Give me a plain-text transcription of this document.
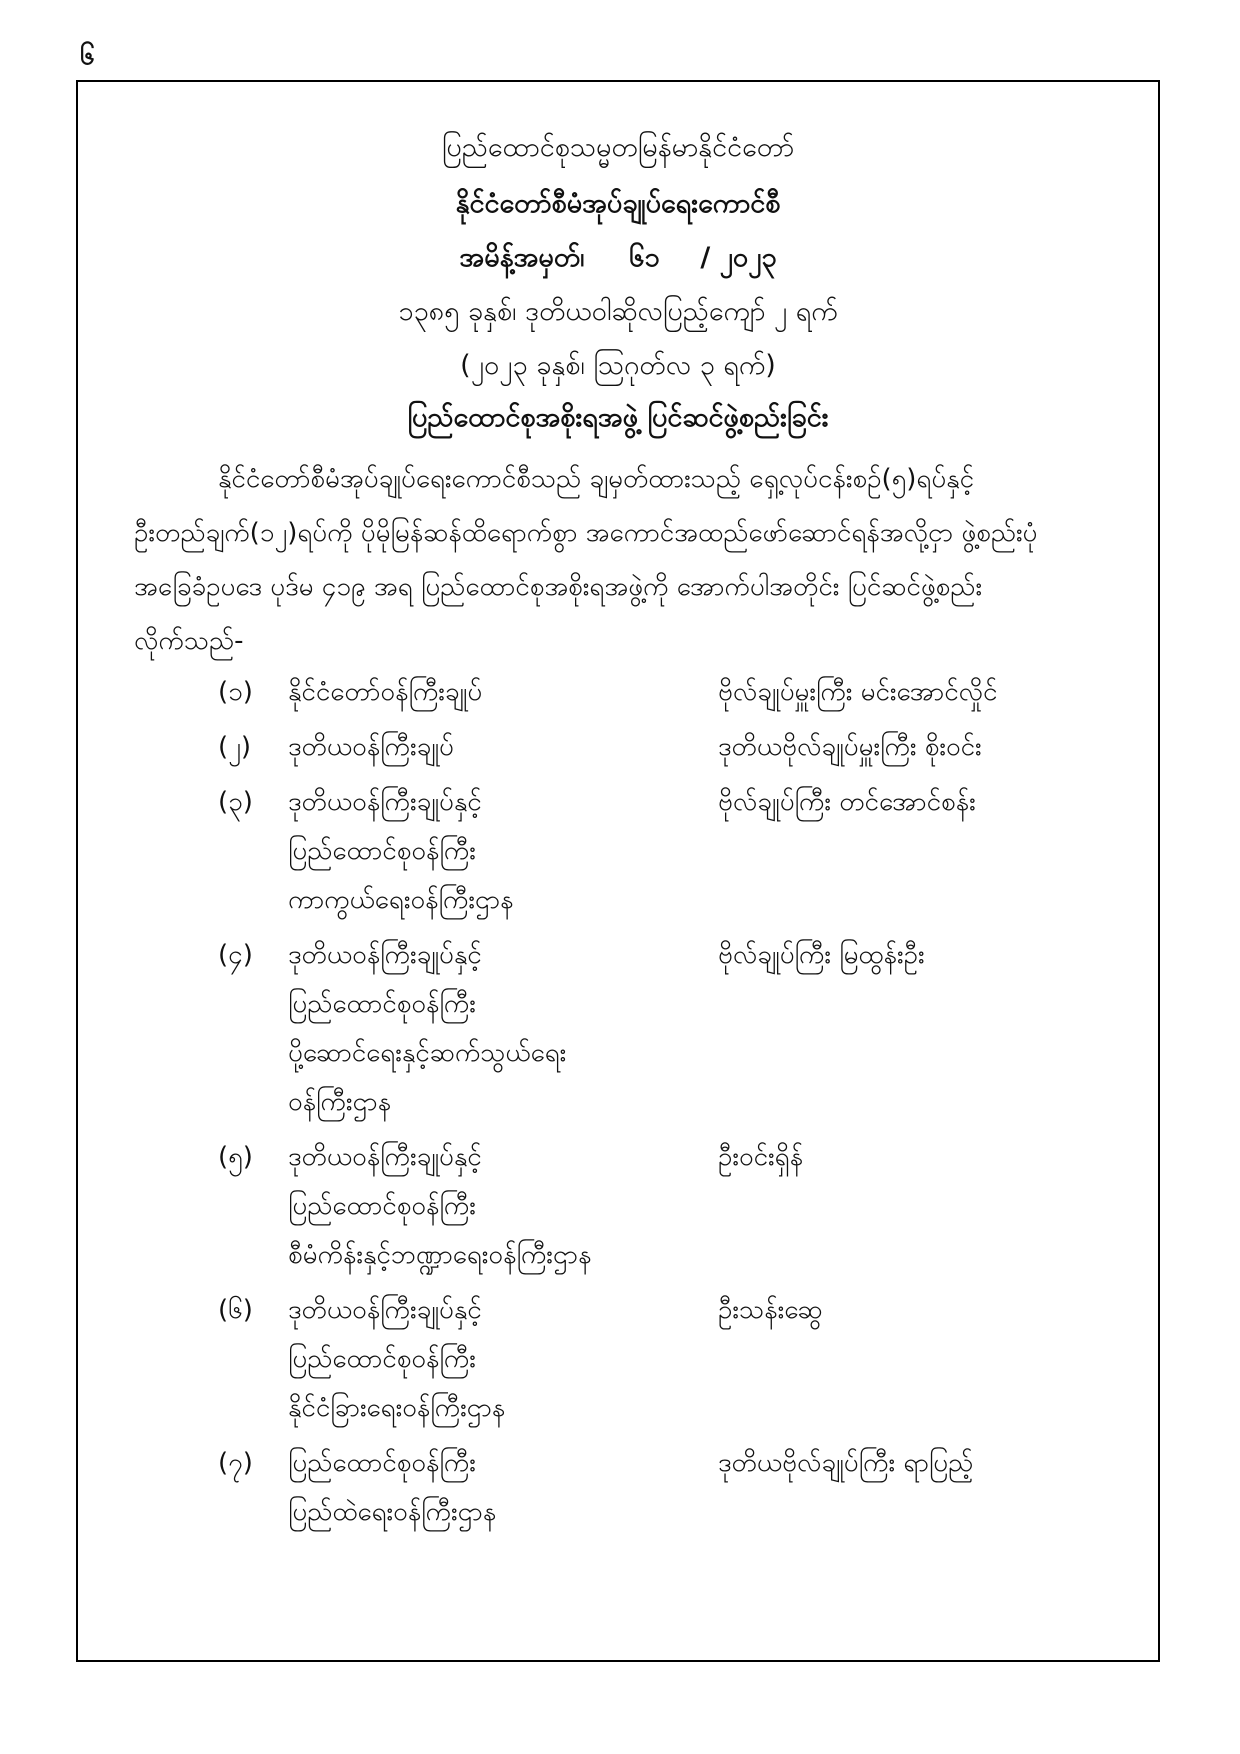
၆
ပြည်ထောင်စုသမ္မတမြန်မာနိုင်ငံတော်
နိုင်ငံတော်စီမံအုပ်ချုပ်ရေးကောင်စီ
အမိန့်အမှတ်၊ ၆၁ / ၂၀၂၃
၁၃၈၅ ခုနှစ်၊ ဒုတိယဝါဆိုလပြည့်ကျော် ၂ ရက်
(၂၀၂၃ ခုနှစ်၊ ဩဂုတ်လ ၃ ရက်)
ပြည်ထောင်စုအစိုးရအဖွဲ့ ပြင်ဆင်ဖွဲ့စည်းခြင်း
နိုင်ငံတော်စီမံအုပ်ချုပ်ရေးကောင်စီသည် ချမှတ်ထားသည့် ရှေ့လုပ်ငန်းစဉ်(၅)ရပ်နှင့်
ဦးတည်ချက်(၁၂)ရပ်ကို ပိုမိုမြန်ဆန်ထိရောက်စွာ အကောင်အထည်ဖော်ဆောင်ရန်အလို့ငှာ ဖွဲ့စည်းပုံ
အခြေခံဥပဒေ ပုဒ်မ ၄၁၉ အရ ပြည်ထောင်စုအစိုးရအဖွဲ့ကို အောက်ပါအတိုင်း ပြင်ဆင်ဖွဲ့စည်း
လိုက်သည်-
(၁) နိုင်ငံတော်ဝန်ကြီးချုပ်	ဗိုလ်ချုပ်မှူးကြီး မင်းအောင်လှိုင်
(၂) ဒုတိယဝန်ကြီးချုပ်	ဒုတိယဗိုလ်ချုပ်မှူးကြီး စိုးဝင်း
(၃) ဒုတိယဝန်ကြီးချုပ်နှင့်
ပြည်ထောင်စုဝန်ကြီး
ကာကွယ်ရေးဝန်ကြီးဌာန
ဗိုလ်ချုပ်ကြီး တင်အောင်စန်း
(၄) ဒုတိယဝန်ကြီးချုပ်နှင့်
ပြည်ထောင်စုဝန်ကြီး
ပို့ဆောင်ရေးနှင့်ဆက်သွယ်ရေး
ဝန်ကြီးဌာန
ဗိုလ်ချုပ်ကြီး မြထွန်းဦး
(၅) ဒုတိယဝန်ကြီးချုပ်နှင့်
ပြည်ထောင်စုဝန်ကြီး
စီမံကိန်းနှင့်ဘဏ္ဍာရေးဝန်ကြီးဌာန
ဦးဝင်းရှိန်
(၆) ဒုတိယဝန်ကြီးချုပ်နှင့်
ပြည်ထောင်စုဝန်ကြီး
နိုင်ငံခြားရေးဝန်ကြီးဌာန
ဦးသန်းဆွေ
(၇) ပြည်ထောင်စုဝန်ကြီး
ပြည်ထဲရေးဝန်ကြီးဌာန
ဒုတိယဗိုလ်ချုပ်ကြီး ရာပြည့်
